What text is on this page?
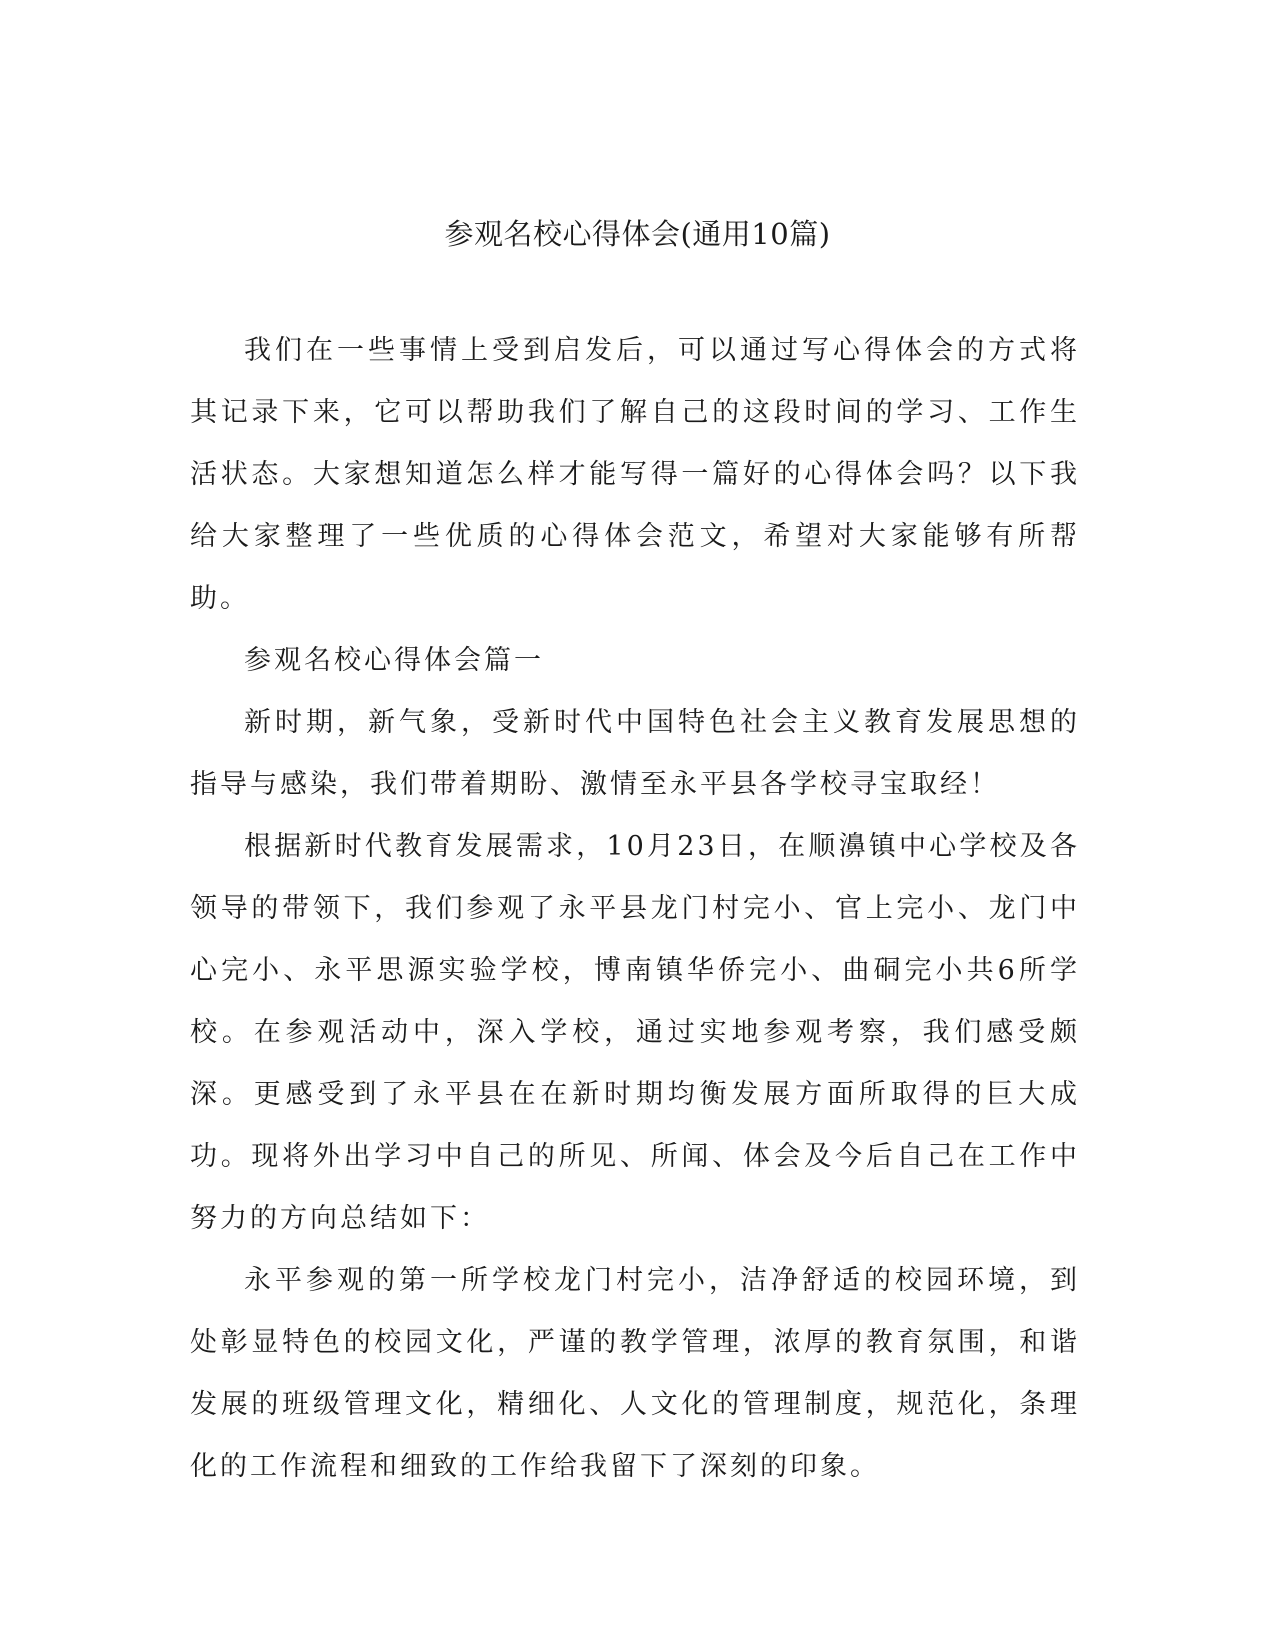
参观名校心得体会(通用10篇)

我们在一些事情上受到启发后，可以通过写心得体会的方式将其记录下来，它可以帮助我们了解自己的这段时间的学习、工作生活状态。大家想知道怎么样才能写得一篇好的心得体会吗？以下我给大家整理了一些优质的心得体会范文，希望对大家能够有所帮助。

参观名校心得体会篇一

新时期，新气象，受新时代中国特色社会主义教育发展思想的指导与感染，我们带着期盼、激情至永平县各学校寻宝取经！

根据新时代教育发展需求，10月23日，在顺濞镇中心学校及各领导的带领下，我们参观了永平县龙门村完小、官上完小、龙门中心完小、永平思源实验学校，博南镇华侨完小、曲硐完小共6所学校。在参观活动中，深入学校，通过实地参观考察，我们感受颇深。更感受到了永平县在在新时期均衡发展方面所取得的巨大成功。现将外出学习中自己的所见、所闻、体会及今后自己在工作中努力的方向总结如下：

永平参观的第一所学校龙门村完小，洁净舒适的校园环境，到处彰显特色的校园文化，严谨的教学管理，浓厚的教育氛围，和谐发展的班级管理文化，精细化、人文化的管理制度，规范化，条理化的工作流程和细致的工作给我留下了深刻的印象。
